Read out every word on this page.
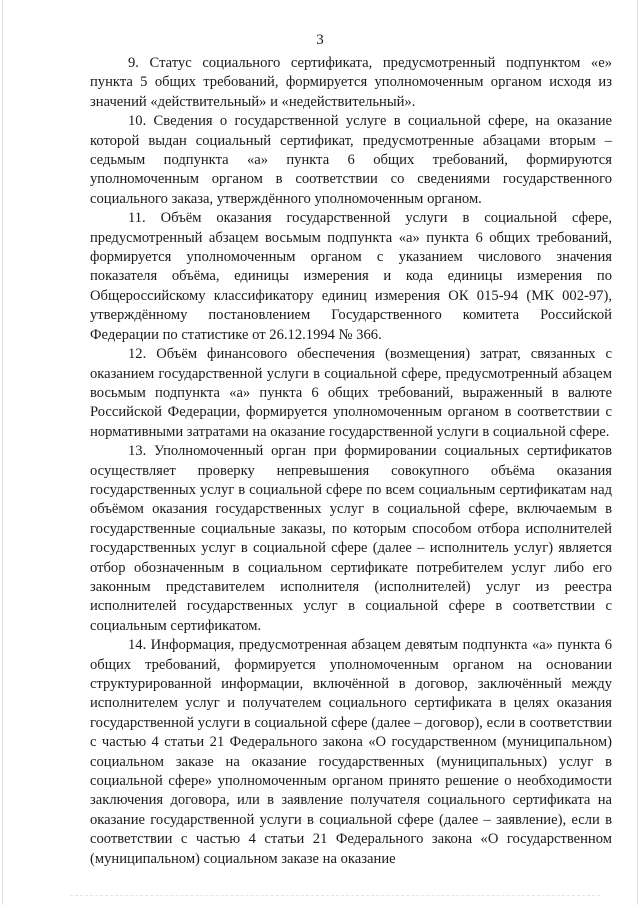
3

9. Статус социального сертификата, предусмотренный подпунктом «е» пункта 5 общих требований, формируется уполномоченным органом исходя из значений «действительный» и «недействительный».

10. Сведения о государственной услуге в социальной сфере, на оказание которой выдан социальный сертификат, предусмотренные абзацами вторым – седьмым подпункта «а» пункта 6 общих требований, формируются уполномоченным органом в соответствии со сведениями государственного социального заказа, утверждённого уполномоченным органом.

11. Объём оказания государственной услуги в социальной сфере, предусмотренный абзацем восьмым подпункта «а» пункта 6 общих требований, формируется уполномоченным органом с указанием числового значения показателя объёма, единицы измерения и кода единицы измерения по Общероссийскому классификатору единиц измерения ОК 015-94 (МК 002-97), утверждённому постановлением Государственного комитета Российской Федерации по статистике от 26.12.1994 № 366.

12. Объём финансового обеспечения (возмещения) затрат, связанных с оказанием государственной услуги в социальной сфере, предусмотренный абзацем восьмым подпункта «а» пункта 6 общих требований, выраженный в валюте Российской Федерации, формируется уполномоченным органом в соответствии с нормативными затратами на оказание государственной услуги в социальной сфере.

13. Уполномоченный орган при формировании социальных сертификатов осуществляет проверку непревышения совокупного объёма оказания государственных услуг в социальной сфере по всем социальным сертификатам над объёмом оказания государственных услуг в социальной сфере, включаемым в государственные социальные заказы, по которым способом отбора исполнителей государственных услуг в социальной сфере (далее – исполнитель услуг) является отбор обозначенным в социальном сертификате потребителем услуг либо его законным представителем исполнителя (исполнителей) услуг из реестра исполнителей государственных услуг в социальной сфере в соответствии с социальным сертификатом.

14. Информация, предусмотренная абзацем девятым подпункта «а» пункта 6 общих требований, формируется уполномоченным органом на основании структурированной информации, включённой в договор, заключённый между исполнителем услуг и получателем социального сертификата в целях оказания государственной услуги в социальной сфере (далее – договор), если в соответствии с частью 4 статьи 21 Федерального закона «О государственном (муниципальном) социальном заказе на оказание государственных (муниципальных) услуг в социальной сфере» уполномоченным органом принято решение о необходимости заключения договора, или в заявление получателя социального сертификата на оказание государственной услуги в социальной сфере (далее – заявление), если в соответствии с частью 4 статьи 21 Федерального закона «О государственном (муниципальном) социальном заказе на оказание
